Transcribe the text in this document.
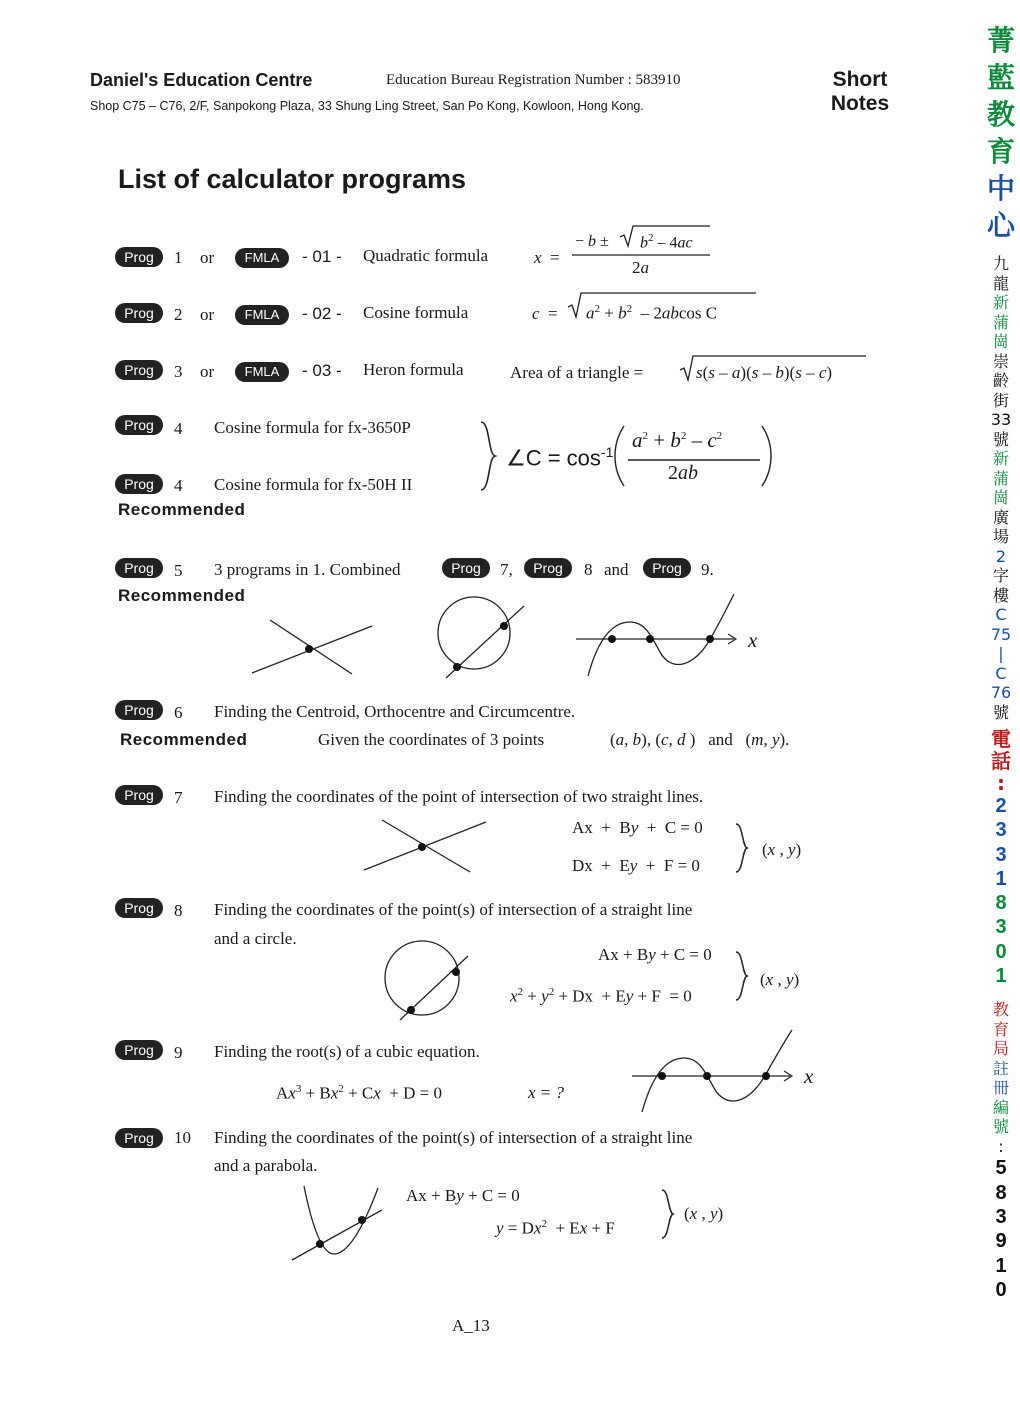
Daniel's Education Centre	Education Bureau Registration Number : 583910
Shop C75 – C76, 2/F, Sanpokong Plaza, 33 Shung Ling Street, San Po Kong, Kowloon, Hong Kong.
Short
Notes
List of calculator programs
Prog	1 or	FMLA	- 01 - Quadratic formula	x  =
− $b \pm b^2 - 4ac$
2a
Prog	2 or	FMLA	- 02 - Cosine formula	$c = a^2 + b^2 - 2abcos$ C
Prog	3 or	FMLA	- 03 - Heron formula	Area of a triangle =	s(s – a)(s – b)(s – c)
Prog	4 Cosine formula for fx-3650P
Prog	4 Cosine formula for fx-50H II
Recommended
∠C = $\cos^{-1} a^2 + b^2 - c^2$
2ab
Prog	5 3 programs in 1. Combined	Prog	7,	Prog	8 and	Prog	9.
Recommended
x
Prog	6 Finding the Centroid, Orthocentre and Circumcentre.
Recommended	Given the coordinates of 3 points	(a, b), (c, d )   and   (m, y).
Prog	7 Finding the coordinates of the point of intersection of two straight lines.
Ax  +  By  +  C = 0
Dx  +  Ey  +  F = 0
(x , y)
Prog	8 Finding the coordinates of the point(s) of intersection of a straight line
and a circle.
Ax + By + C = 0
$x^2 + y^2 + Dx + Ey + F = 0$
(x , y)
Prog	9 Finding the root(s) of a cubic equation.
$Ax^3 + Bx^2 + Cx + D = 0$	x = ?
x
Prog	10 Finding the coordinates of the point(s) of intersection of a straight line
and a parabola.
Ax + By + C = 0
$y = Dx^2 + Ex + F$
(x , y)
A_13
菁
藍
教
育
中
心
九
龍
新
蒲
崗
崇
齡
街
33
號
新
蒲
崗
廣
場
2
字
樓
C
75
|
C
76
號
電
話
:
2
3
3
1
8
3
0
1
教
育
局
註
冊
編
號
:
5
8
3
9
1
0
